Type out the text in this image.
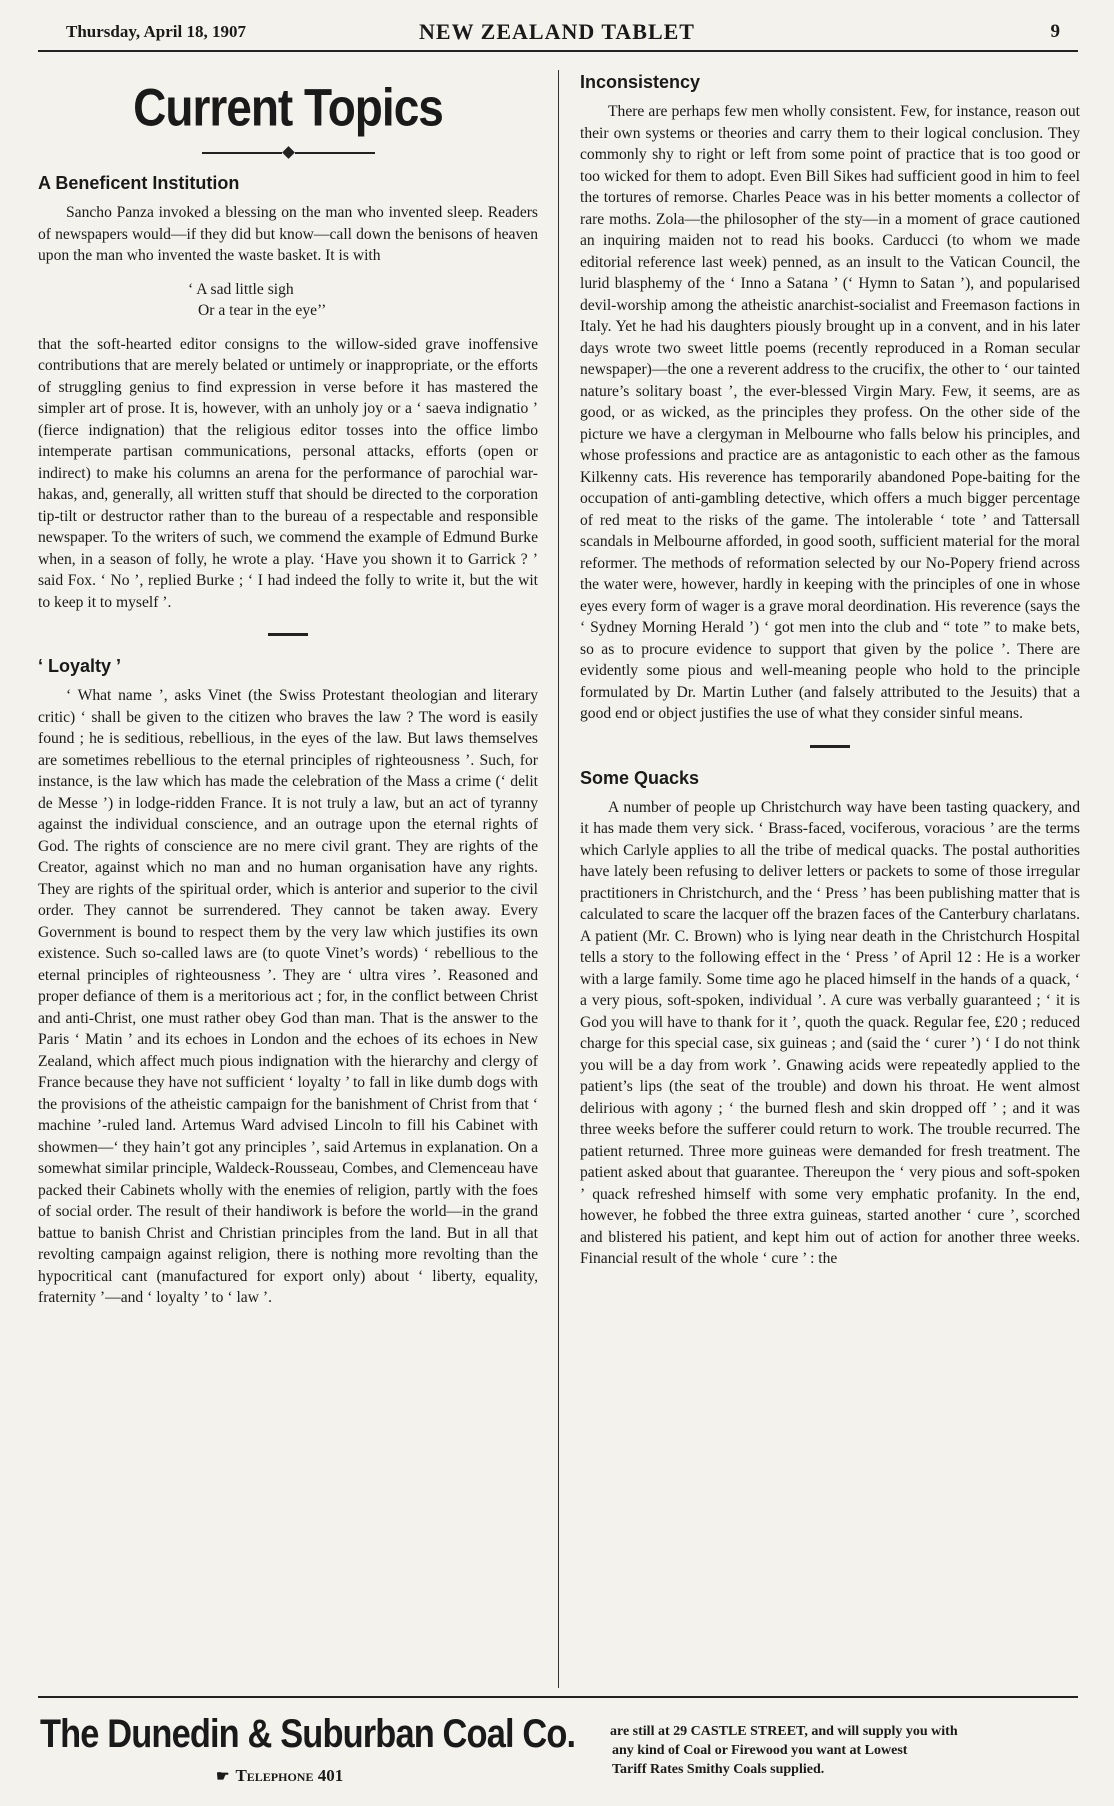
Thursday, April 18, 1907	NEW ZEALAND TABLET	9
Current Topics
A Beneficent Institution

Sancho Panza invoked a blessing on the man who invented sleep. Readers of newspapers would—if they did but know—call down the benisons of heaven upon the man who invented the waste basket. It is with

‘ A sad little sigh
Or a tear in the eye’’

that the soft-hearted editor consigns to the willow-sided grave inoffensive contributions that are merely belated or untimely or inappropriate, or the efforts of struggling genius to find expression in verse before it has mastered the simpler art of prose. It is, however, with an unholy joy or a ‘ saeva indignatio ’ (fierce indignation) that the religious editor tosses into the office limbo intemperate partisan communications, personal attacks, efforts (open or indirect) to make his columns an arena for the performance of parochial war-hakas, and, generally, all written stuff that should be directed to the corporation tip-tilt or destructor rather than to the bureau of a respectable and responsible newspaper. To the writers of such, we commend the example of Edmund Burke when, in a season of folly, he wrote a play. ‘Have you shown it to Garrick ? ’ said Fox. ‘ No ’, replied Burke ; ‘ I had indeed the folly to write it, but the wit to keep it to myself ’.

‘ Loyalty ’

‘ What name ’, asks Vinet (the Swiss Protestant theologian and literary critic) ‘ shall be given to the citizen who braves the law ? The word is easily found ; he is seditious, rebellious, in the eyes of the law. But laws themselves are sometimes rebellious to the eternal principles of righteousness ’. Such, for instance, is the law which has made the celebration of the Mass a crime (‘ delit de Messe ’) in lodge-ridden France. It is not truly a law, but an act of tyranny against the individual conscience, and an outrage upon the eternal rights of God. The rights of conscience are no mere civil grant. They are rights of the Creator, against which no man and no human organisation have any rights. They are rights of the spiritual order, which is anterior and superior to the civil order. They cannot be surrendered. They cannot be taken away. Every Government is bound to respect them by the very law which justifies its own existence. Such so-called laws are (to quote Vinet’s words) ‘ rebellious to the eternal principles of righteousness ’. They are ‘ ultra vires ’. Reasoned and proper defiance of them is a meritorious act ; for, in the conflict between Christ and anti-Christ, one must rather obey God than man. That is the answer to the Paris ‘ Matin ’ and its echoes in London and the echoes of its echoes in New Zealand, which affect much pious indignation with the hierarchy and clergy of France because they have not sufficient ‘ loyalty ’ to fall in like dumb dogs with the provisions of the atheistic campaign for the banishment of Christ from that ‘ machine ’-ruled land. Artemus Ward advised Lincoln to fill his Cabinet with showmen—‘ they hain’t got any principles ’, said Artemus in explanation. On a somewhat similar principle, Waldeck-Rousseau, Combes, and Clemenceau have packed their Cabinets wholly with the enemies of religion, partly with the foes of social order. The result of their handiwork is before the world—in the grand battue to banish Christ and Christian principles from the land. But in all that revolting campaign against religion, there is nothing more revolting than the hypocritical cant (manufactured for export only) about ‘ liberty, equality, fraternity ’—and ‘ loyalty ’ to ‘ law ’.

Inconsistency

There are perhaps few men wholly consistent. Few, for instance, reason out their own systems or theories and carry them to their logical conclusion. They commonly shy to right or left from some point of practice that is too good or too wicked for them to adopt. Even Bill Sikes had sufficient good in him to feel the tortures of remorse. Charles Peace was in his better moments a collector of rare moths. Zola—the philosopher of the sty—in a moment of grace cautioned an inquiring maiden not to read his books. Carducci (to whom we made editorial reference last week) penned, as an insult to the Vatican Council, the lurid blasphemy of the ‘ Inno a Satana ’ (‘ Hymn to Satan ’), and popularised devil-worship among the atheistic anarchist-socialist and Freemason factions in Italy. Yet he had his daughters piously brought up in a convent, and in his later days wrote two sweet little poems (recently reproduced in a Roman secular newspaper)—the one a reverent address to the crucifix, the other to ‘ our tainted nature’s solitary boast ’, the ever-blessed Virgin Mary. Few, it seems, are as good, or as wicked, as the principles they profess. On the other side of the picture we have a clergyman in Melbourne who falls below his principles, and whose professions and practice are as antagonistic to each other as the famous Kilkenny cats. His reverence has temporarily abandoned Pope-baiting for the occupation of anti-gambling detective, which offers a much bigger percentage of red meat to the risks of the game. The intolerable ‘ tote ’ and Tattersall scandals in Melbourne afforded, in good sooth, sufficient material for the moral reformer. The methods of reformation selected by our No-Popery friend across the water were, however, hardly in keeping with the principles of one in whose eyes every form of wager is a grave moral deordination. His reverence (says the ‘ Sydney Morning Herald ’) ‘ got men into the club and “ tote ” to make bets, so as to procure evidence to support that given by the police ’. There are evidently some pious and well-meaning people who hold to the principle formulated by Dr. Martin Luther (and falsely attributed to the Jesuits) that a good end or object justifies the use of what they consider sinful means.

Some Quacks

A number of people up Christchurch way have been tasting quackery, and it has made them very sick. ‘ Brass-faced, vociferous, voracious ’ are the terms which Carlyle applies to all the tribe of medical quacks. The postal authorities have lately been refusing to deliver letters or packets to some of those irregular practitioners in Christchurch, and the ‘ Press ’ has been publishing matter that is calculated to scare the lacquer off the brazen faces of the Canterbury charlatans. A patient (Mr. C. Brown) who is lying near death in the Christchurch Hospital tells a story to the following effect in the ‘ Press ’ of April 12 : He is a worker with a large family. Some time ago he placed himself in the hands of a quack, ‘ a very pious, soft-spoken, individual ’. A cure was verbally guaranteed ; ‘ it is God you will have to thank for it ’, quoth the quack. Regular fee, £20 ; reduced charge for this special case, six guineas ; and (said the ‘ curer ’) ‘ I do not think you will be a day from work ’. Gnawing acids were repeatedly applied to the patient’s lips (the seat of the trouble) and down his throat. He went almost delirious with agony ; ‘ the burned flesh and skin dropped off ’ ; and it was three weeks before the sufferer could return to work. The trouble recurred. The patient returned. Three more guineas were demanded for fresh treatment. The patient asked about that guarantee. Thereupon the ‘ very pious and soft-spoken ’ quack refreshed himself with some very emphatic profanity. In the end, however, he fobbed the three extra guineas, started another ‘ cure ’, scorched and blistered his patient, and kept him out of action for another three weeks. Financial result of the whole ‘ cure ’ : the

The Dunedin & Suburban Coal Co.
☛ Telephone 401
are still at 29 CASTLE STREET, and will supply you with
any kind of Coal or Firewood you want at Lowest
Tariff Rates Smithy Coals supplied.
